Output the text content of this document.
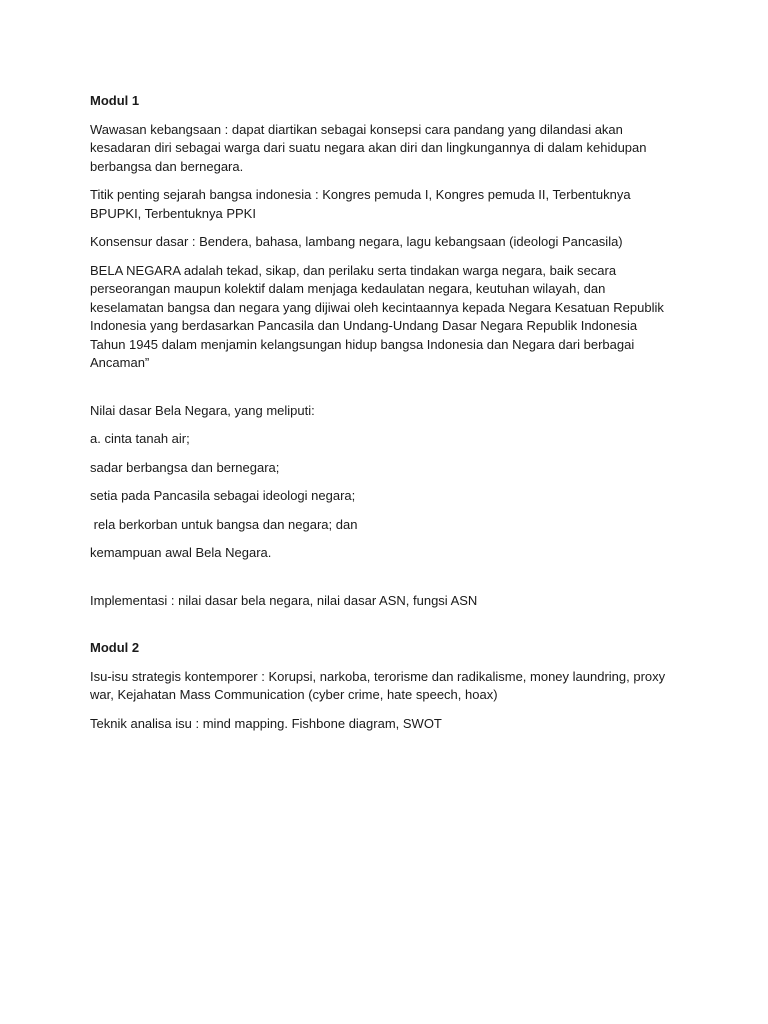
Modul 1
Wawasan kebangsaan : dapat diartikan sebagai konsepsi cara pandang yang dilandasi akan kesadaran diri sebagai warga dari suatu negara akan diri dan lingkungannya di dalam kehidupan berbangsa dan bernegara.
Titik penting sejarah bangsa indonesia : Kongres pemuda I, Kongres pemuda II, Terbentuknya BPUPKI, Terbentuknya PPKI
Konsensur dasar : Bendera, bahasa, lambang negara, lagu kebangsaan (ideologi Pancasila)
BELA NEGARA adalah tekad, sikap, dan perilaku serta tindakan warga negara, baik secara perseorangan maupun kolektif dalam menjaga kedaulatan negara, keutuhan wilayah, dan keselamatan bangsa dan negara yang dijiwai oleh kecintaannya kepada Negara Kesatuan Republik Indonesia yang berdasarkan Pancasila dan Undang-Undang Dasar Negara Republik Indonesia Tahun 1945 dalam menjamin kelangsungan hidup bangsa Indonesia dan Negara dari berbagai Ancaman”
Nilai dasar Bela Negara, yang meliputi:
a. cinta tanah air;
sadar berbangsa dan bernegara;
setia pada Pancasila sebagai ideologi negara;
rela berkorban untuk bangsa dan negara; dan
kemampuan awal Bela Negara.
Implementasi : nilai dasar bela negara, nilai dasar ASN, fungsi ASN
Modul 2
Isu-isu strategis kontemporer : Korupsi, narkoba, terorisme dan radikalisme, money laundring, proxy war, Kejahatan Mass Communication (cyber crime, hate speech, hoax)
Teknik analisa isu : mind mapping. Fishbone diagram, SWOT
